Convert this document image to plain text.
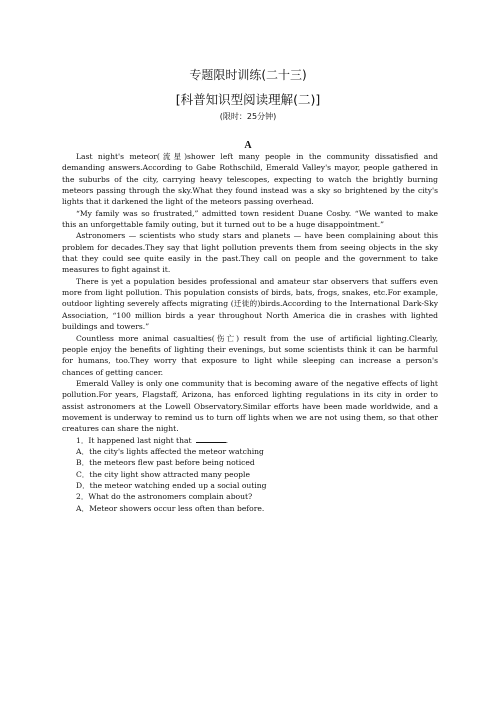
专题限时训练(二十三)
[科普知识型阅读理解(二)]
(限时：25分钟)
A

Last night's meteor(流星)shower left many people in the community dissatisfied and demanding answers.According to Gabe Rothschild, Emerald Valley's mayor, people gathered in the suburbs of the city, carrying heavy telescopes, expecting to watch the brightly burning meteors passing through the sky.What they found instead was a sky so brightened by the city's lights that it darkened the light of the meteors passing overhead.

“My family was so frustrated,” admitted town resident Duane Cosby. “We wanted to make this an unforgettable family outing, but it turned out to be a huge disappointment.”

Astronomers — scientists who study stars and planets — have been complaining about this problem for decades.They say that light pollution prevents them from seeing objects in the sky that they could see quite easily in the past.They call on people and the government to take measures to fight against it.

There is yet a population besides professional and amateur star observers that suffers even more from light pollution. This population consists of birds, bats, frogs, snakes, etc.For example, outdoor lighting severely affects migrating (迁徙的)birds.According to the International Dark-Sky Association, “100 million birds a year throughout North America die in crashes with lighted buildings and towers.”

Countless more animal casualties(伤亡) result from the use of artificial lighting.Clearly, people enjoy the benefits of lighting their evenings, but some scientists think it can be harmful for humans, too.They worry that exposure to light while sleeping can increase a person's chances of getting cancer.

Emerald Valley is only one community that is becoming aware of the negative effects of light pollution.For years, Flagstaff, Arizona, has enforced lighting regulations in its city in order to assist astronomers at the Lowell Observatory.Similar efforts have been made worldwide, and a movement is underway to remind us to turn off lights when we are not using them, so that other creatures can share the night.

1．It happened last night that	.

A．the city's lights affected the meteor watching

B．the meteors flew past before being noticed

C．the city light show attracted many people

D．the meteor watching ended up a social outing

2．What do the astronomers complain about?

A．Meteor showers occur less often than before.
